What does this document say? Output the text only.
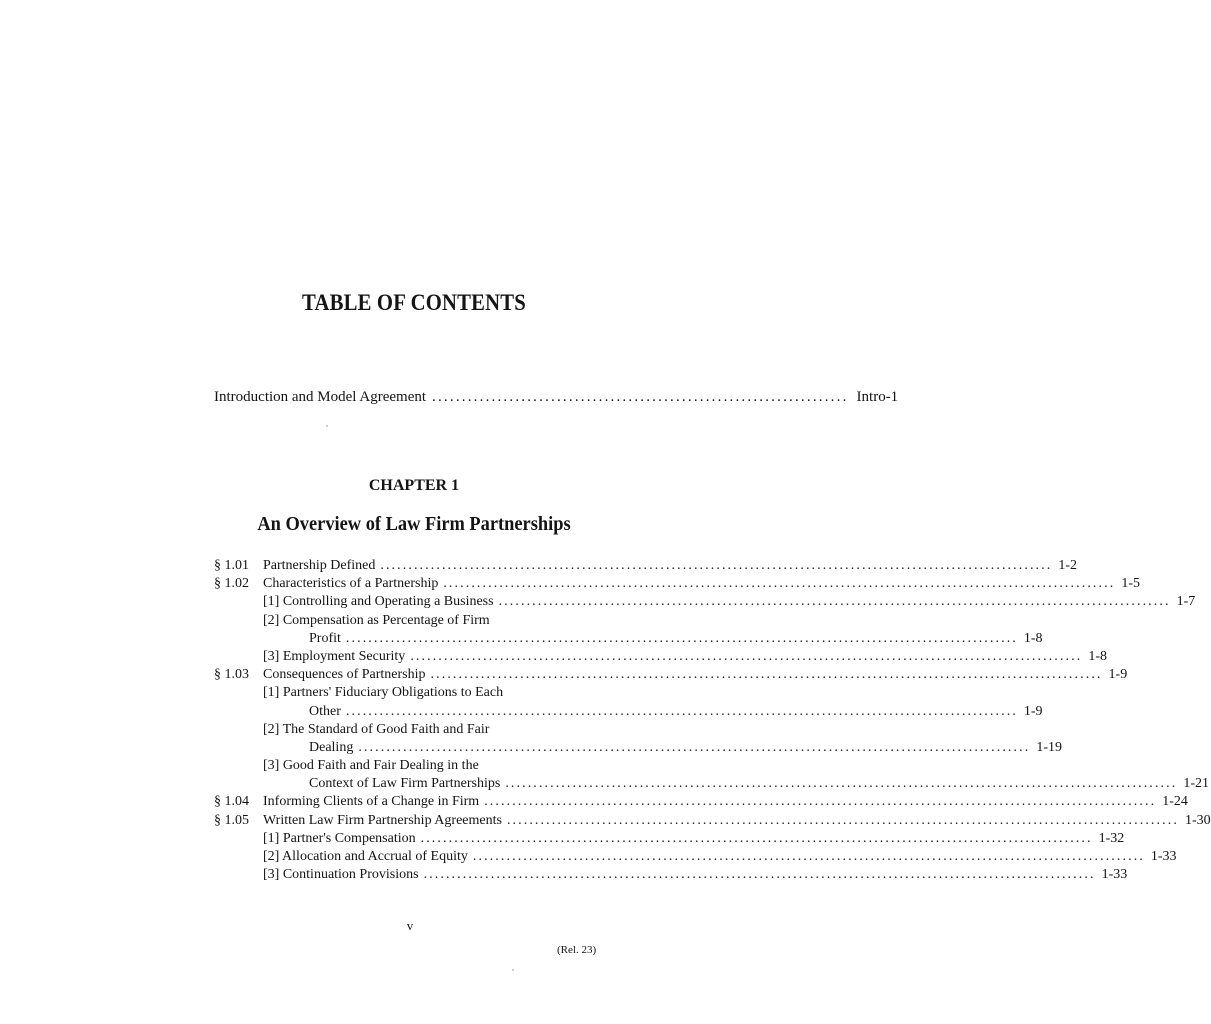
TABLE OF CONTENTS
Introduction and Model Agreement ...................................................................... Intro-1
CHAPTER 1
An Overview of Law Firm Partnerships
§ 1.01 Partnership Defined ........................................................................................................................ 1-2
§ 1.02 Characteristics of a Partnership ........................................................................................................................ 1-5
[1] Controlling and Operating a Business ........................................................................................................................ 1-7
[2] Compensation as Percentage of Firm
Profit ........................................................................................................................ 1-8
[3] Employment Security ........................................................................................................................ 1-8
§ 1.03 Consequences of Partnership ........................................................................................................................ 1-9
[1] Partners' Fiduciary Obligations to Each
Other ........................................................................................................................ 1-9
[2] The Standard of Good Faith and Fair
Dealing ........................................................................................................................ 1-19
[3] Good Faith and Fair Dealing in the
Context of Law Firm Partnerships ........................................................................................................................ 1-21
§ 1.04 Informing Clients of a Change in Firm ........................................................................................................................ 1-24
§ 1.05 Written Law Firm Partnership Agreements ........................................................................................................................ 1-30
[1] Partner's Compensation ........................................................................................................................ 1-32
[2] Allocation and Accrual of Equity ........................................................................................................................ 1-33
[3] Continuation Provisions ........................................................................................................................ 1-33
v
(Rel. 23)
